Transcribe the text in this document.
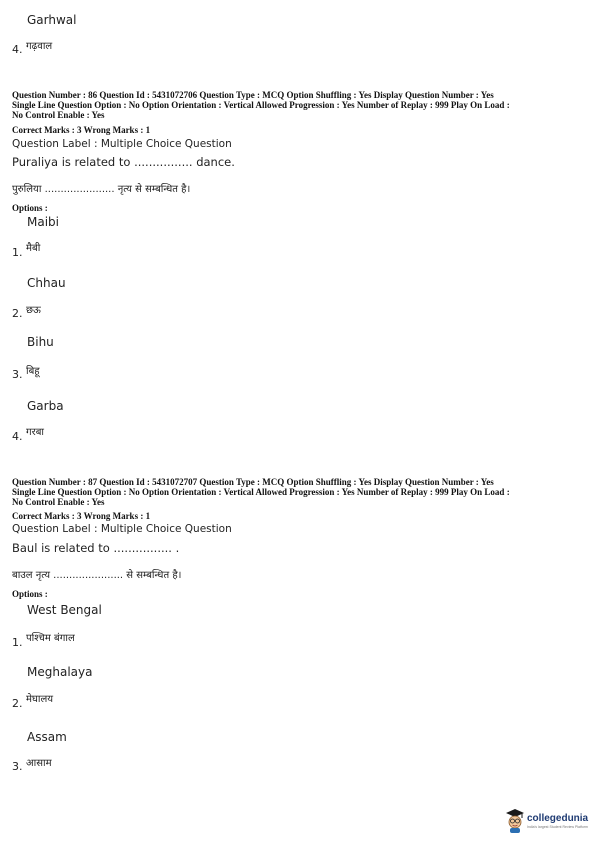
Garhwal
4. गढ़वाल
Question Number : 86 Question Id : 5431072706 Question Type : MCQ Option Shuffling : Yes Display Question Number : Yes
Single Line Question Option : No Option Orientation : Vertical Allowed Progression : Yes Number of Replay : 999 Play On Load :
No Control Enable : Yes
Correct Marks : 3 Wrong Marks : 1
Question Label : Multiple Choice Question
Puraliya is related to ................ dance.
पुरुलिया ...................... नृत्य से सम्बन्धित है।
Options :
Maibi
1. मैबी
Chhau
2. छऊ
Bihu
3. बिहू
Garba
4. गरबा
Question Number : 87 Question Id : 5431072707 Question Type : MCQ Option Shuffling : Yes Display Question Number : Yes
Single Line Question Option : No Option Orientation : Vertical Allowed Progression : Yes Number of Replay : 999 Play On Load :
No Control Enable : Yes
Correct Marks : 3 Wrong Marks : 1
Question Label : Multiple Choice Question
Baul is related to ................ .
बाउल नृत्य ...................... से सम्बन्धित है।
Options :
West Bengal
1. पश्चिम बंगाल
Meghalaya
2. मेघालय
Assam
3. आसाम
collegedunia
India's largest Student Review Platform
